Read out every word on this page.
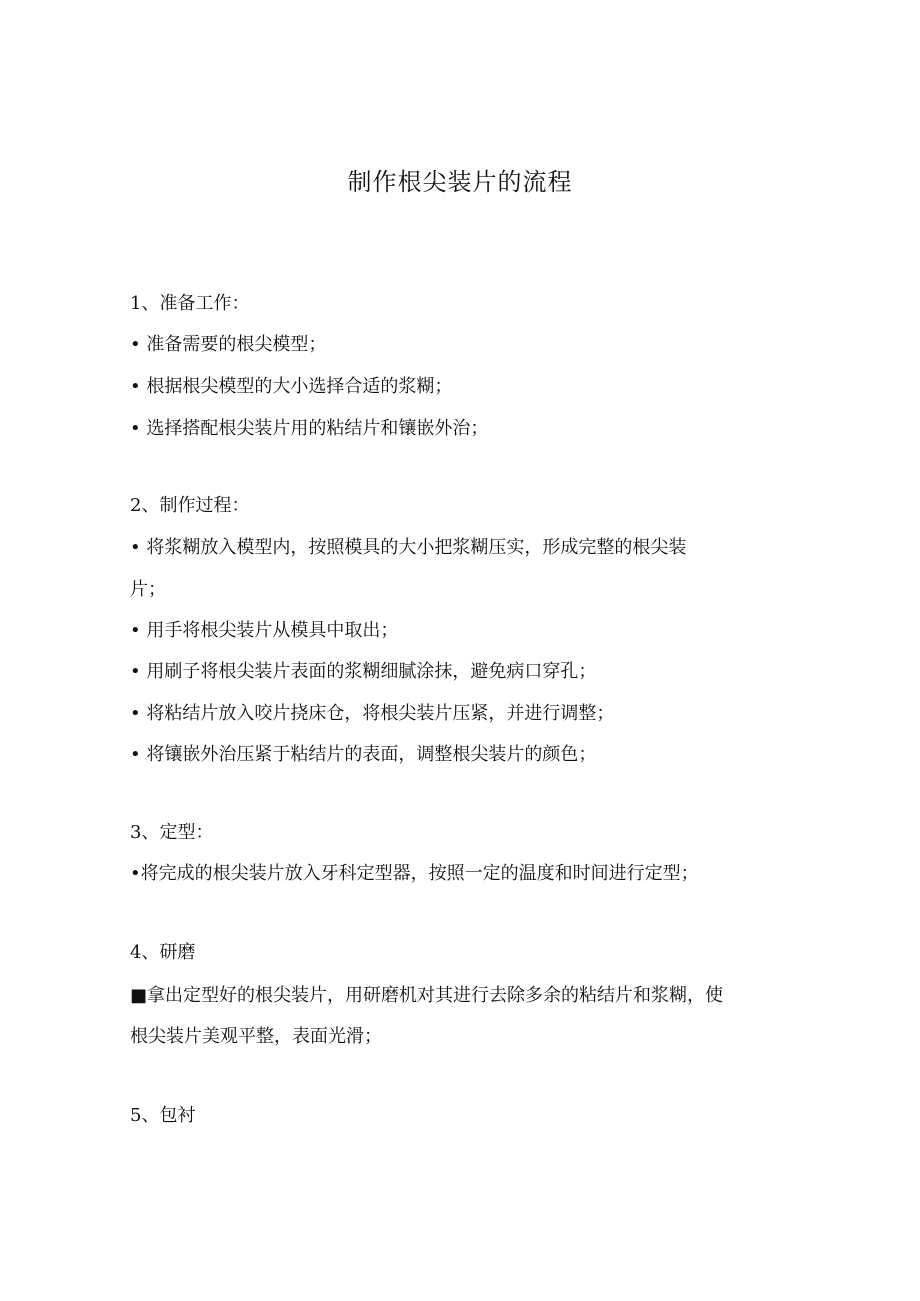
制作根尖装片的流程
1、准备工作：
• 准备需要的根尖模型；
• 根据根尖模型的大小选择合适的浆糊；
• 选择搭配根尖装片用的粘结片和镶嵌外治；
2、制作过程：
• 将浆糊放入模型内，按照模具的大小把浆糊压实，形成完整的根尖装
片；
• 用手将根尖装片从模具中取出；
• 用刷子将根尖装片表面的浆糊细腻涂抹，避免病口穿孔；
• 将粘结片放入咬片挠床仓，将根尖装片压紧，并进行调整；
• 将镶嵌外治压紧于粘结片的表面，调整根尖装片的颜色；
3、定型：
•将完成的根尖装片放入牙科定型器，按照一定的温度和时间进行定型；
4、研磨
■拿出定型好的根尖装片，用研磨机对其进行去除多余的粘结片和浆糊，使
根尖装片美观平整，表面光滑；
5、包衬
